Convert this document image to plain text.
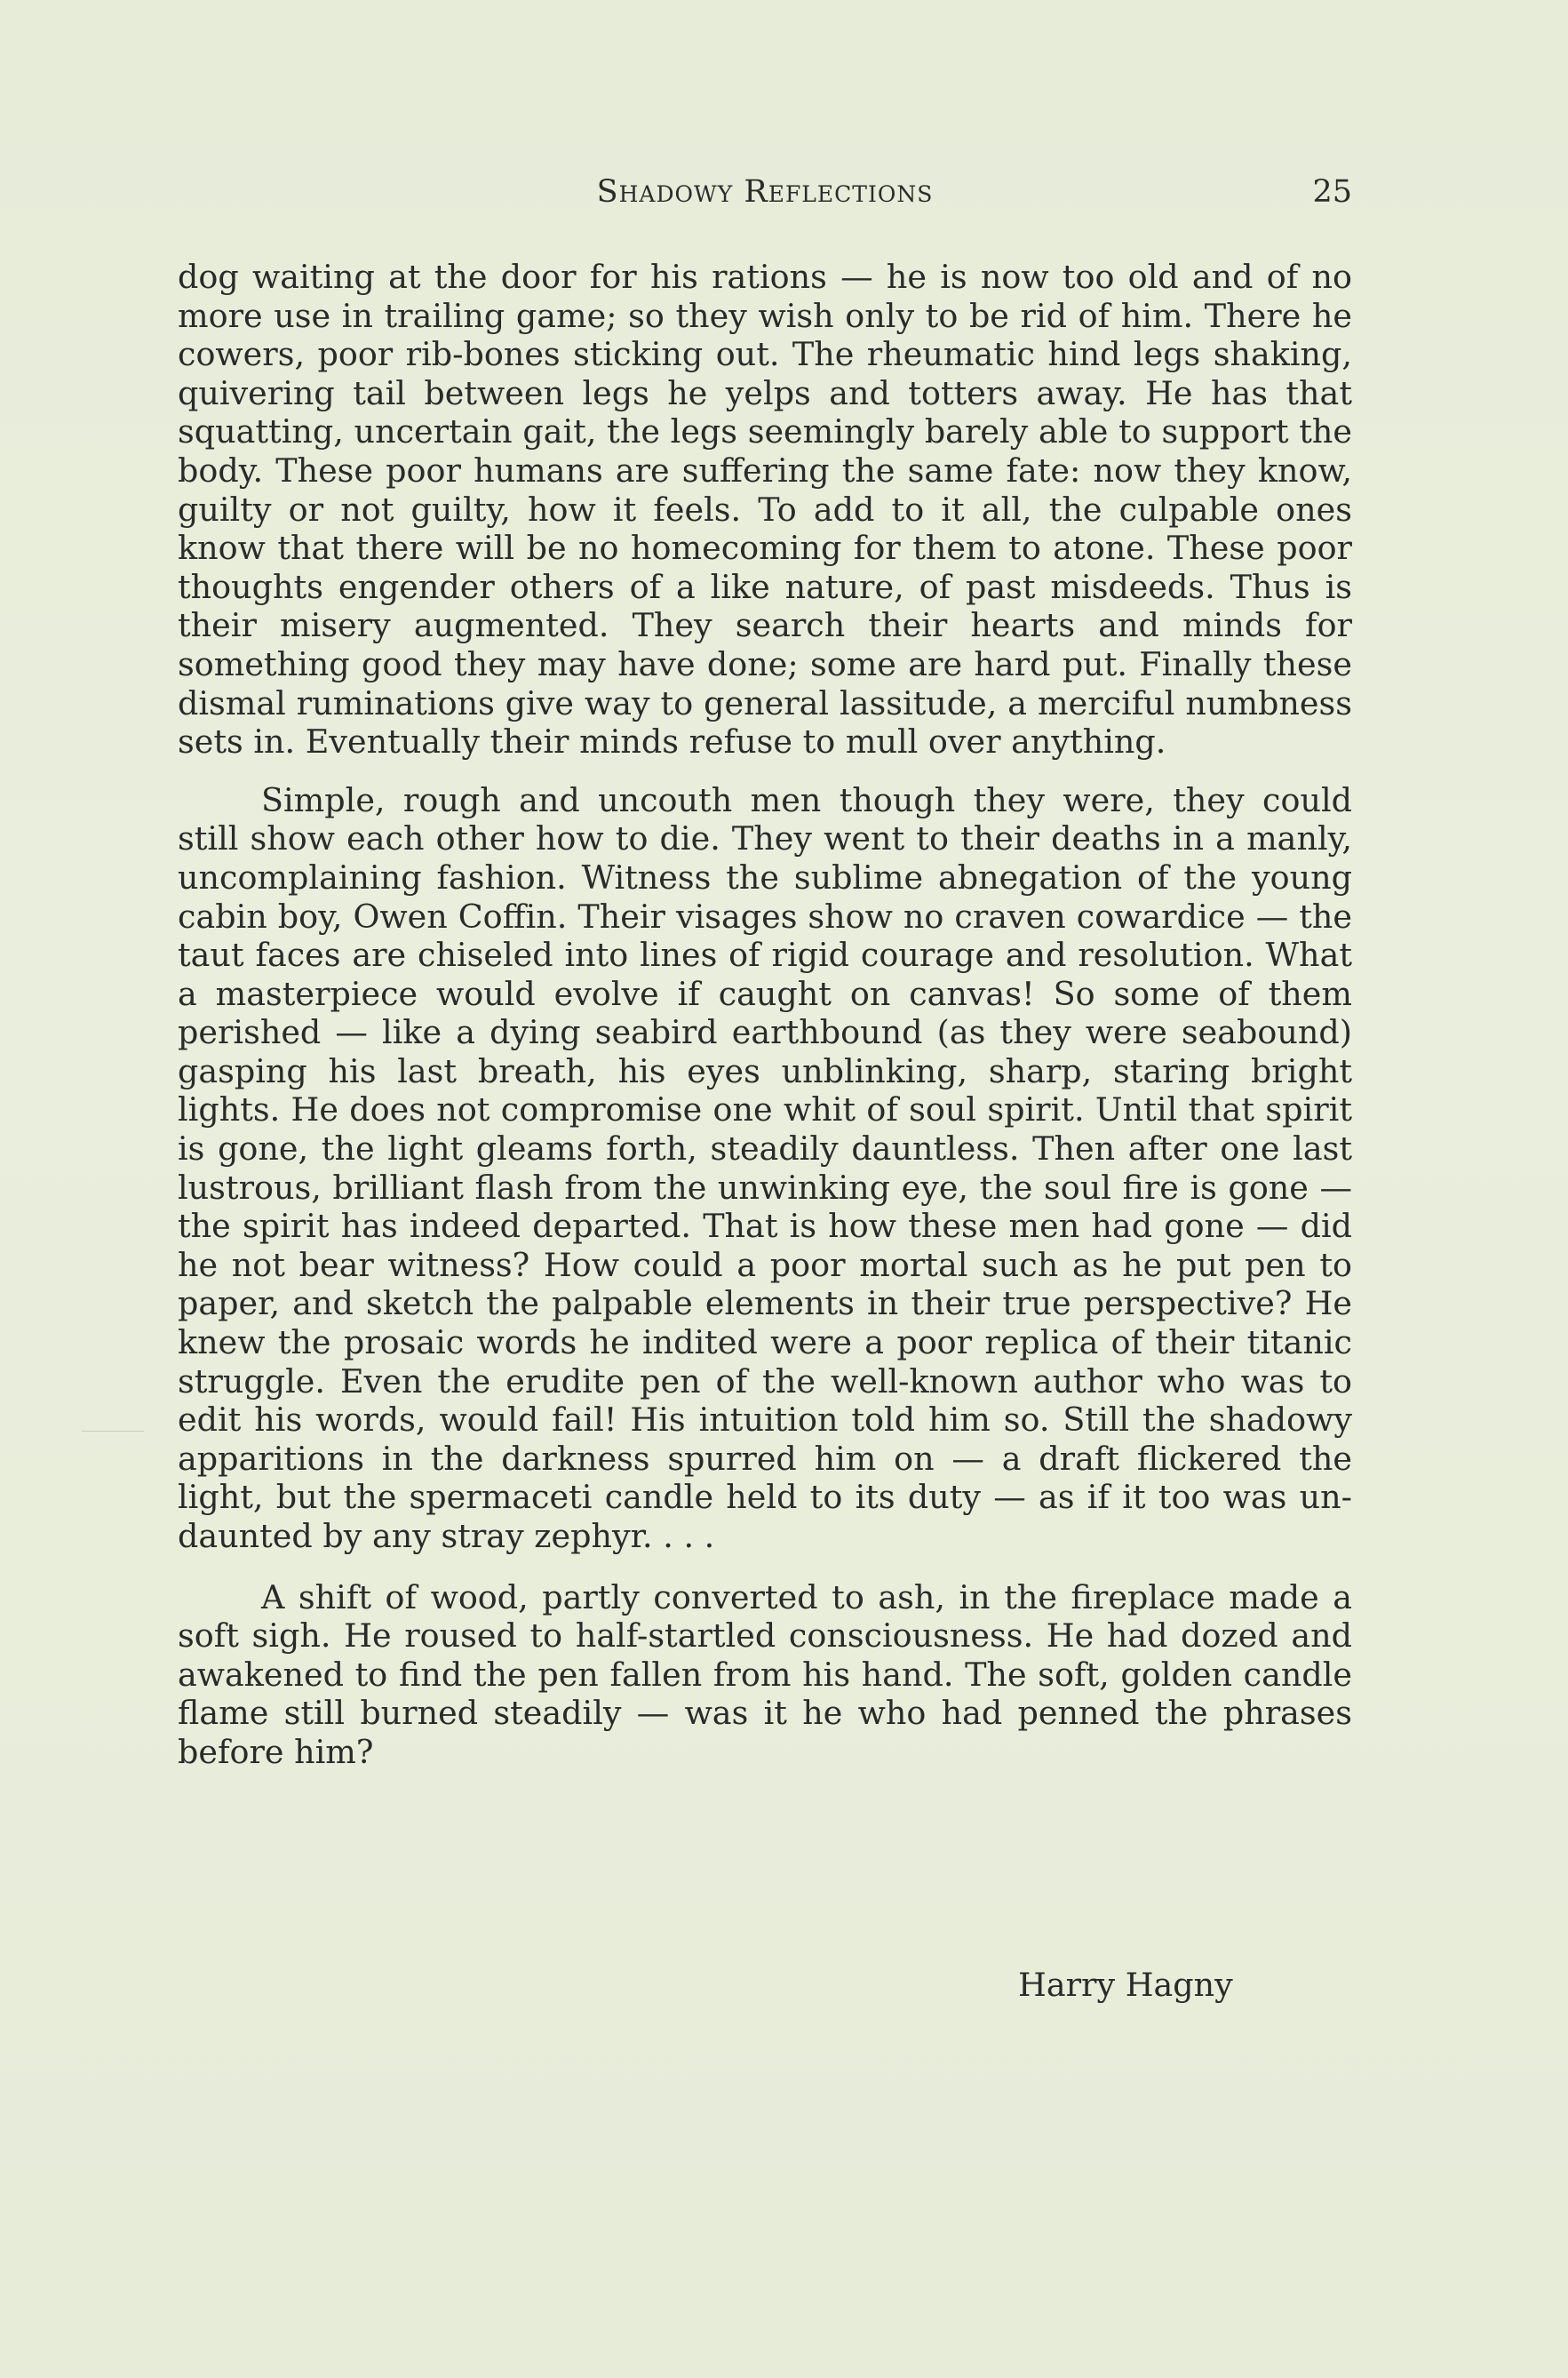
Shadowy Reflections	25

dog waiting at the door for his rations — he is now too old and of no more use in trailing game; so they wish only to be rid of him. There he cowers, poor rib-bones sticking out. The rheumatic hind legs shaking, quivering tail between legs he yelps and totters away. He has that squatting, uncertain gait, the legs seemingly barely able to support the body. These poor humans are suffering the same fate: now they know, guilty or not guilty, how it feels. To add to it all, the culpable ones know that there will be no homecoming for them to atone. These poor thoughts engender others of a like nature, of past misdeeds. Thus is their misery augmented. They search their hearts and minds for something good they may have done; some are hard put. Finally these dismal ruminations give way to general lassitude, a merciful numbness sets in. Eventually their minds refuse to mull over anything.

Simple, rough and uncouth men though they were, they could still show each other how to die. They went to their deaths in a manly, uncomplaining fashion. Witness the sublime abnegation of the young cabin boy, Owen Coffin. Their visages show no craven cowardice — the taut faces are chiseled into lines of rigid courage and resolution. What a masterpiece would evolve if caught on canvas! So some of them perished — like a dying seabird earthbound (as they were seabound) gasping his last breath, his eyes unblinking, sharp, staring bright lights. He does not compromise one whit of soul spirit. Until that spirit is gone, the light gleams forth, steadily dauntless. Then after one last lustrous, brilliant flash from the unwinking eye, the soul fire is gone — the spirit has indeed departed. That is how these men had gone — did he not bear witness? How could a poor mortal such as he put pen to paper, and sketch the palpable elements in their true perspective? He knew the prosaic words he indited were a poor replica of their titanic struggle. Even the erudite pen of the well-known author who was to edit his words, would fail! His intuition told him so. Still the shadowy apparitions in the darkness spurred him on — a draft flickered the light, but the spermaceti candle held to its duty — as if it too was undaunted by any stray zephyr. . . .

A shift of wood, partly converted to ash, in the fireplace made a soft sigh. He roused to half-startled consciousness. He had dozed and awakened to find the pen fallen from his hand. The soft, golden candle flame still burned steadily — was it he who had penned the phrases before him?

Harry Hagny
